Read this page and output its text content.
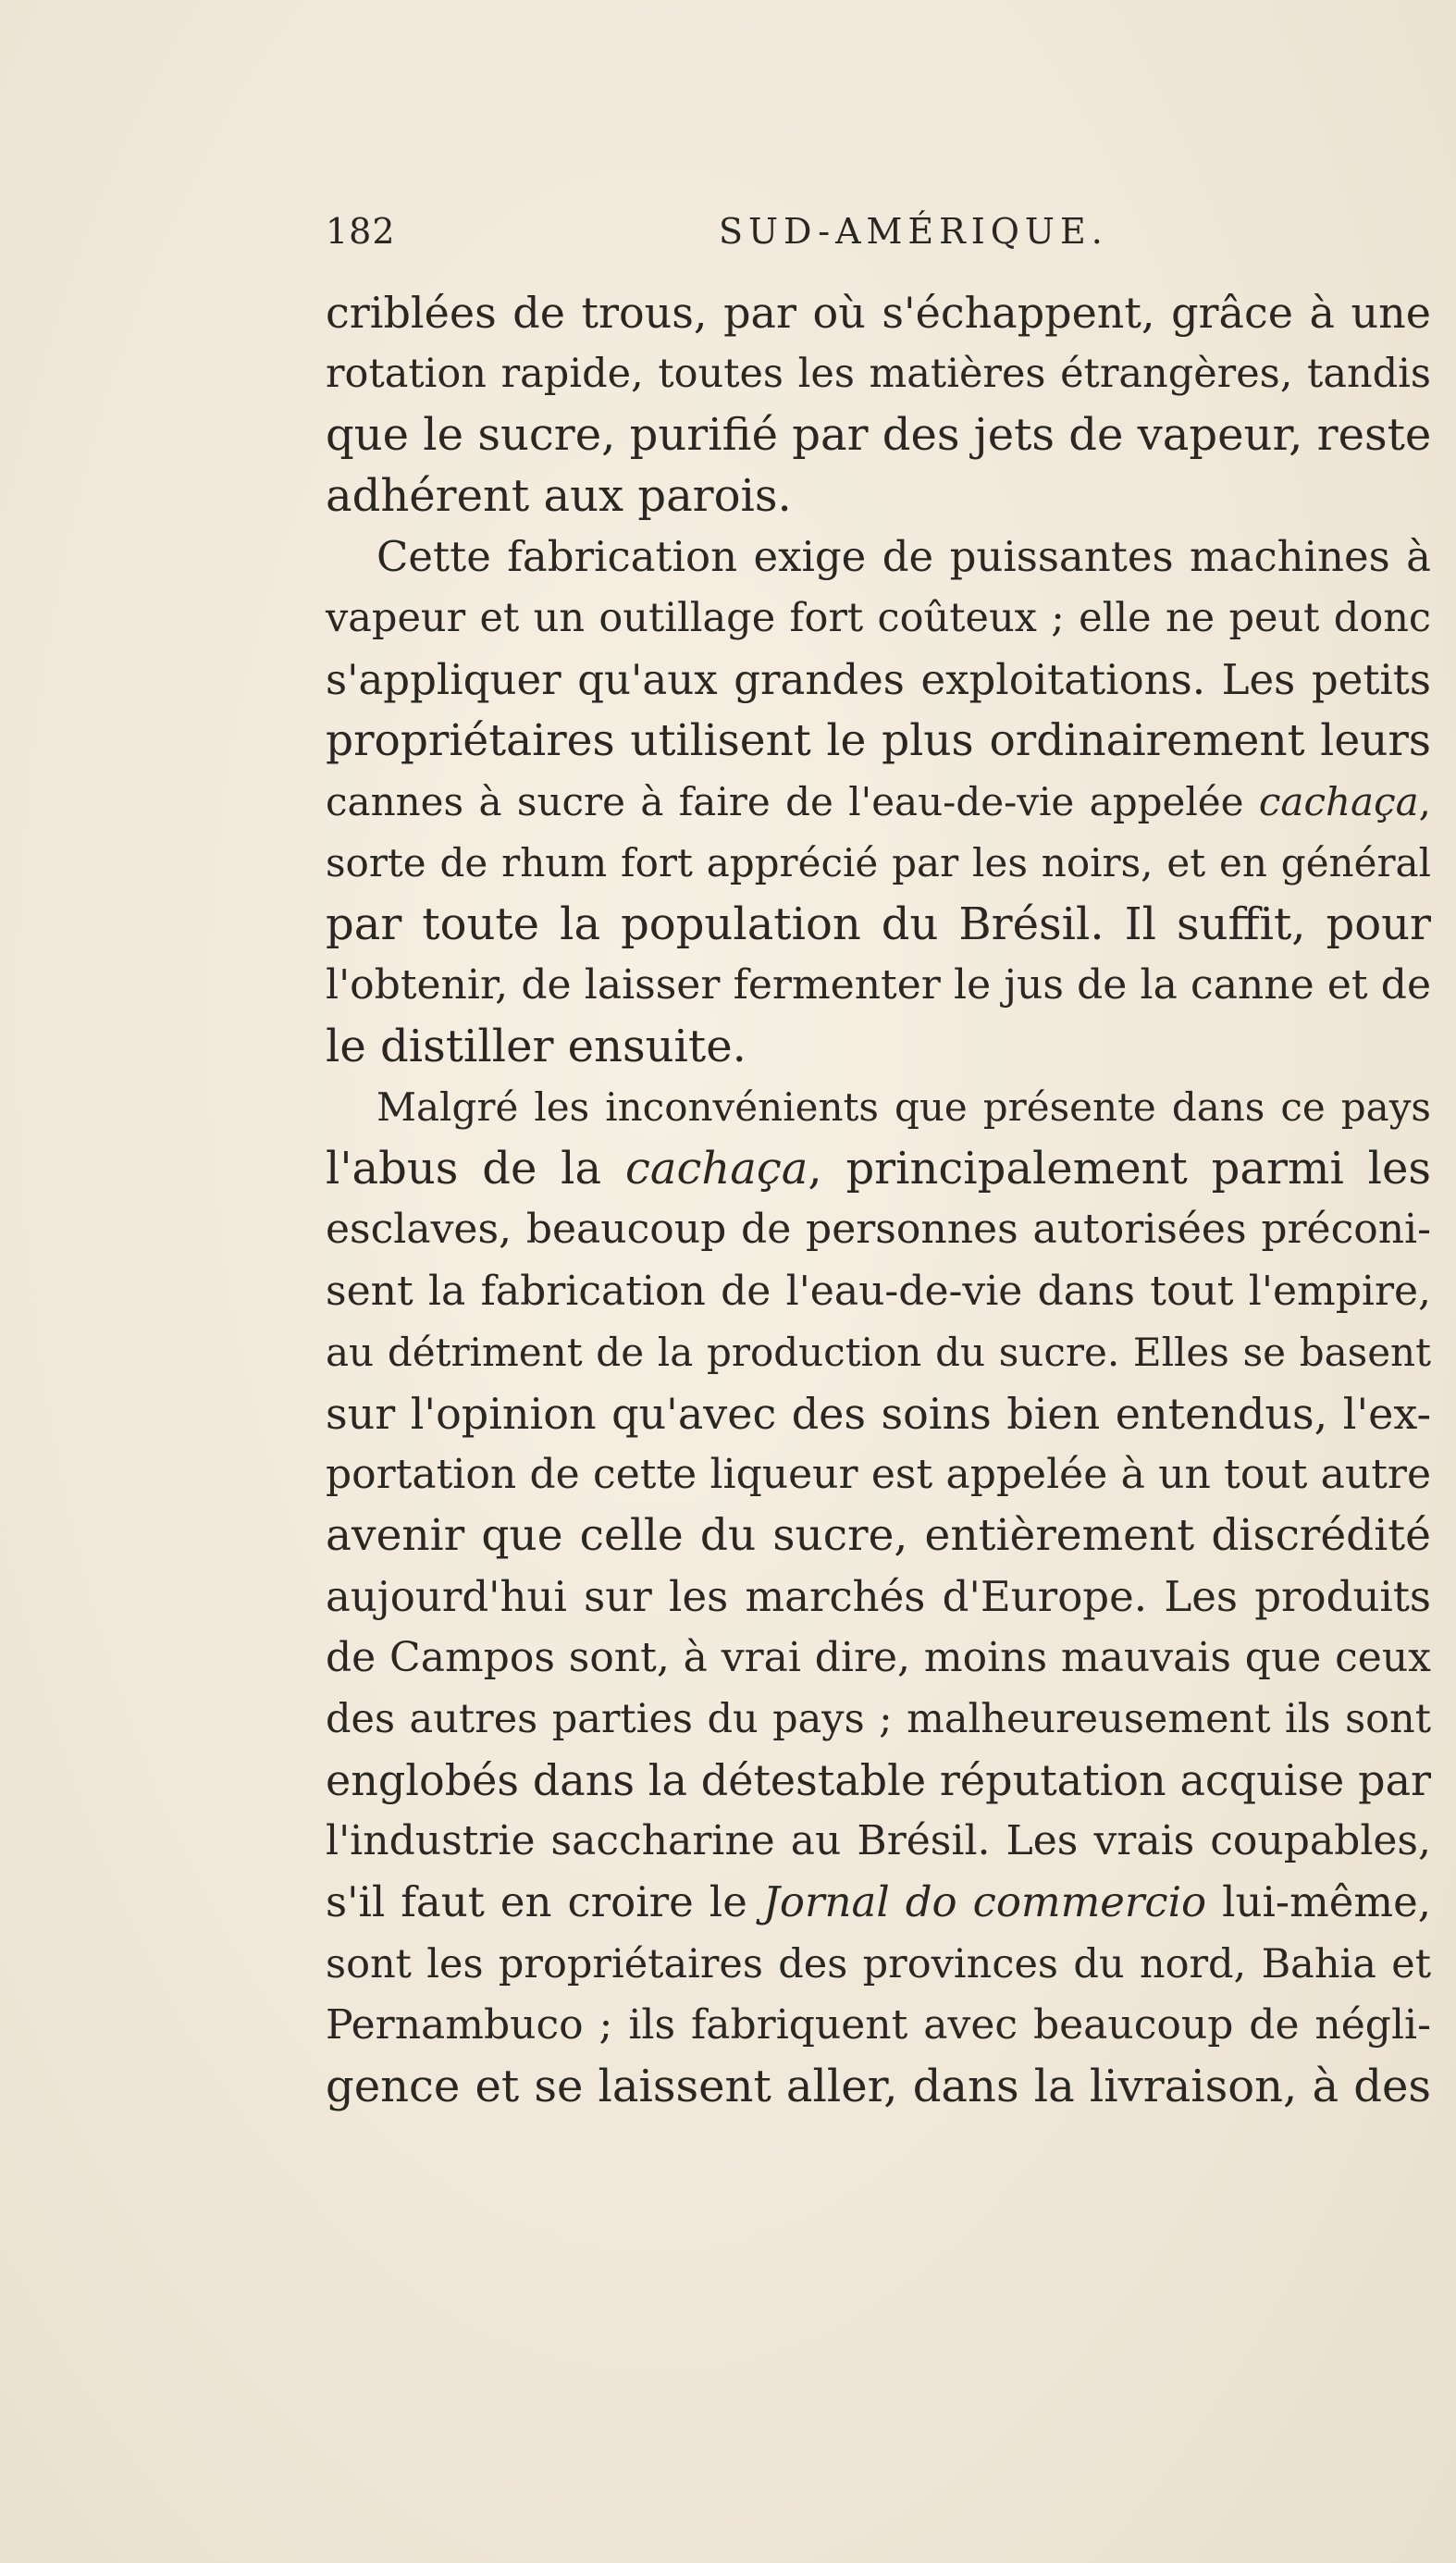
182	SUD-AMÉRIQUE.
criblées de trous, par où s'échappent, grâce à une
rotation rapide, toutes les matières étrangères, tandis
que le sucre, purifié par des jets de vapeur, reste
adhérent aux parois.
Cette fabrication exige de puissantes machines à
vapeur et un outillage fort coûteux ; elle ne peut donc
s'appliquer qu'aux grandes exploitations. Les petits
propriétaires utilisent le plus ordinairement leurs
cannes à sucre à faire de l'eau-de-vie appelée cachaça,
sorte de rhum fort apprécié par les noirs, et en général
par toute la population du Brésil. Il suffit, pour
l'obtenir, de laisser fermenter le jus de la canne et de
le distiller ensuite.
Malgré les inconvénients que présente dans ce pays
l'abus de la cachaça, principalement parmi les
esclaves, beaucoup de personnes autorisées préconi-
sent la fabrication de l'eau-de-vie dans tout l'empire,
au détriment de la production du sucre. Elles se basent
sur l'opinion qu'avec des soins bien entendus, l'ex-
portation de cette liqueur est appelée à un tout autre
avenir que celle du sucre, entièrement discrédité
aujourd'hui sur les marchés d'Europe. Les produits
de Campos sont, à vrai dire, moins mauvais que ceux
des autres parties du pays ; malheureusement ils sont
englobés dans la détestable réputation acquise par
l'industrie saccharine au Brésil. Les vrais coupables,
s'il faut en croire le Jornal do commercio lui-même,
sont les propriétaires des provinces du nord, Bahia et
Pernambuco ; ils fabriquent avec beaucoup de négli-
gence et se laissent aller, dans la livraison, à des
